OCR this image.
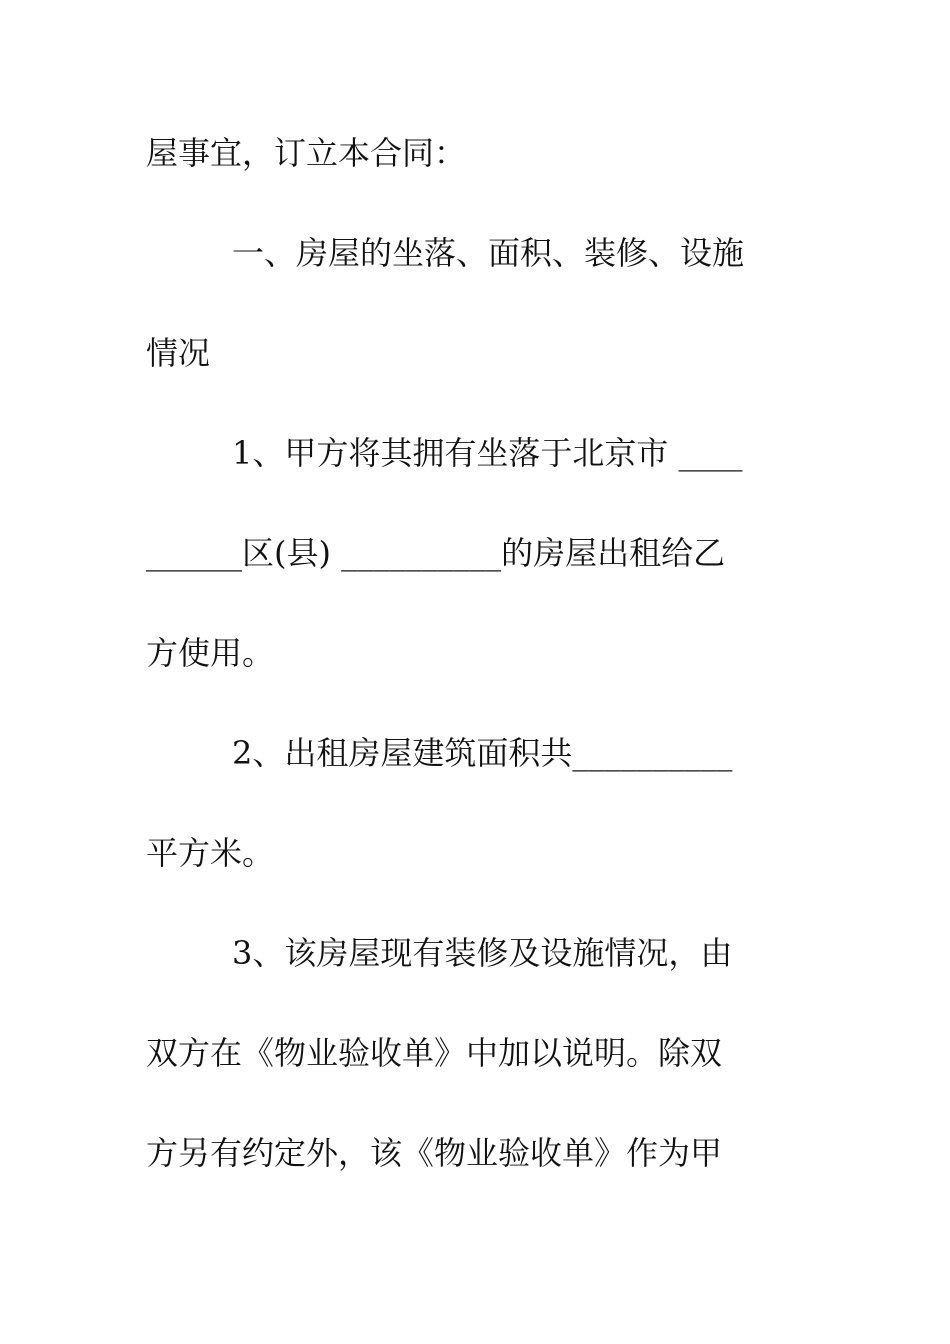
屋事宜，订立本合同：
一、房屋的坐落、面积、装修、设施
情况
1、甲方将其拥有坐落于北京市 ____
______区(县) __________的房屋出租给乙
方使用。
2、出租房屋建筑面积共__________
平方米。
3、该房屋现有装修及设施情况，由
双方在《物业验收单》中加以说明。除双
方另有约定外，该《物业验收单》作为甲
